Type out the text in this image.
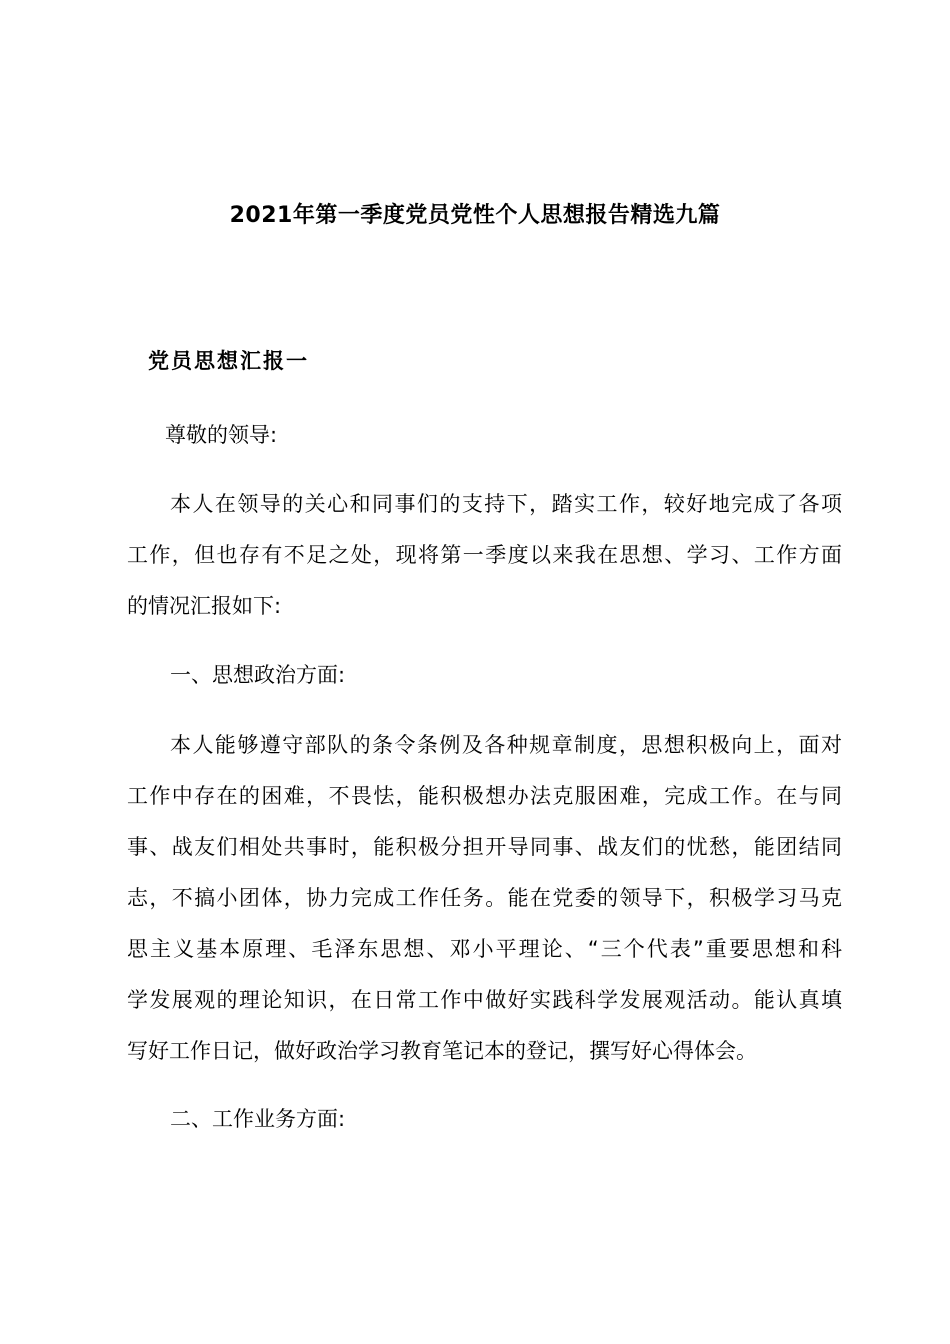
2021年第一季度党员党性个人思想报告精选九篇
党员思想汇报一

尊敬的领导:

本人在领导的关心和同事们的支持下，踏实工作，较好地完成了各项

工作，但也存有不足之处，现将第一季度以来我在思想、学习、工作方面

的情况汇报如下:

一、思想政治方面:

本人能够遵守部队的条令条例及各种规章制度，思想积极向上，面对

工作中存在的困难，不畏怯，能积极想办法克服困难，完成工作。在与同

事、战友们相处共事时，能积极分担开导同事、战友们的忧愁，能团结同

志，不搞小团体，协力完成工作任务。能在党委的领导下，积极学习马克

思主义基本原理、毛泽东思想、邓小平理论、“三个代表”重要思想和科

学发展观的理论知识，在日常工作中做好实践科学发展观活动。能认真填

写好工作日记，做好政治学习教育笔记本的登记，撰写好心得体会。

二、工作业务方面:
